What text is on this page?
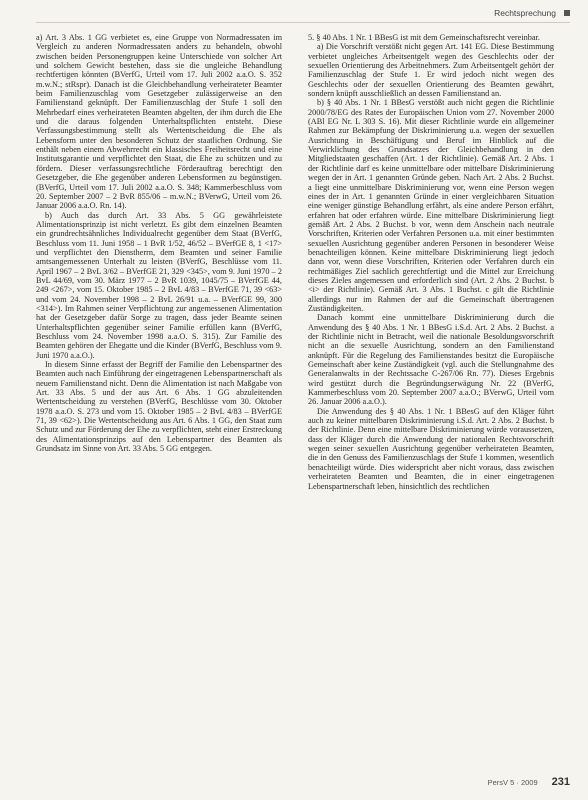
Rechtsprechung

a) Art. 3 Abs. 1 GG verbietet es, eine Gruppe von Normadressaten im Vergleich zu anderen Normadressaten anders zu behandeln, obwohl zwischen beiden Personengruppen keine Unterschiede von solcher Art und solchem Gewicht bestehen, dass sie die ungleiche Behandlung rechtfertigen könnten (BVerfG, Urteil vom 17. Juli 2002 a.a.O. S. 352 m.w.N.; stRspr). Danach ist die Gleichbehandlung verheirateter Beamter beim Familienzuschlag vom Gesetzgeber zulässigerweise an den Familienstand geknüpft. Der Familienzuschlag der Stufe 1 soll den Mehrbedarf eines verheirateten Beamten abgelten, der ihm durch die Ehe und die daraus folgenden Unterhaltspflichten entsteht. Diese Verfassungsbestimmung stellt als Wertentscheidung die Ehe als Lebensform unter den besonderen Schutz der staatlichen Ordnung. Sie enthält neben einem Abwehrrecht ein klassisches Freiheitsrecht und eine Institutsgarantie und verpflichtet den Staat, die Ehe zu schützen und zu fördern. Dieser verfassungsrechtliche Förderauftrag berechtigt den Gesetzgeber, die Ehe gegenüber anderen Lebensformen zu begünstigen. (BVerfG, Urteil vom 17. Juli 2002 a.a.O. S. 348; Kammerbeschluss vom 20. September 2007 – 2 BvR 855/06 – m.w.N.; BVerwG, Urteil vom 26. Januar 2006 a.a.O. Rn. 14).

b) Auch das durch Art. 33 Abs. 5 GG gewährleistete Alimentationsprinzip ist nicht verletzt. Es gibt dem einzelnen Beamten ein grundrechtsähnliches Individualrecht gegenüber dem Staat (BVerfG, Beschluss vom 11. Juni 1958 – 1 BvR 1/52, 46/52 – BVerfGE 8, 1 <17> und verpflichtet den Dienstherrn, dem Beamten und seiner Familie amtsangemessenen Unterhalt zu leisten (BVerfG, Beschlüsse vom 11. April 1967 – 2 BvL 3/62 – BVerfGE 21, 329 <345>, vom 9. Juni 1970 – 2 BvL 44/69, vom 30. März 1977 – 2 BvR 1039, 1045/75 – BVerfGE 44, 249 <267>, vom 15. Oktober 1985 – 2 BvL 4/83 – BVerfGE 71, 39 <63> und vom 24. November 1998 – 2 BvL 26/91 u.a. – BVerfGE 99, 300 <314>). Im Rahmen seiner Verpflichtung zur angemessenen Alimentation hat der Gesetzgeber dafür Sorge zu tragen, dass jeder Beamte seinen Unterhaltspflichten gegenüber seiner Familie erfüllen kann (BVerfG, Beschluss vom 24. November 1998 a.a.O. S. 315). Zur Familie des Beamten gehören der Ehegatte und die Kinder (BVerfG, Beschluss vom 9. Juni 1970 a.a.O.).

In diesem Sinne erfasst der Begriff der Familie den Lebenspartner des Beamten auch nach Einführung der eingetragenen Lebenspartnerschaft als neuem Familienstand nicht. Denn die Alimentation ist nach Maßgabe von Art. 33 Abs. 5 und der aus Art. 6 Abs. 1 GG abzuleitenden Wertentscheidung zu verstehen (BVerfG, Beschlüsse vom 30. Oktober 1978 a.a.O. S. 273 und vom 15. Oktober 1985 – 2 BvL 4/83 – BVerfGE 71, 39 <62>). Die Wertentscheidung aus Art. 6 Abs. 1 GG, den Staat zum Schutz und zur Förderung der Ehe zu verpflichten, steht einer Erstreckung des Alimentationsprinzips auf den Lebenspartner des Beamten als Grundsatz im Sinne von Art. 33 Abs. 5 GG entgegen.

5. § 40 Abs. 1 Nr. 1 BBesG ist mit dem Gemeinschaftsrecht vereinbar.

a) Die Vorschrift verstößt nicht gegen Art. 141 EG. Diese Bestimmung verbietet ungleiches Arbeitsentgelt wegen des Geschlechts oder der sexuellen Orientierung des Arbeitnehmers. Zum Arbeitsentgelt gehört der Familienzuschlag der Stufe 1. Er wird jedoch nicht wegen des Geschlechts oder der sexuellen Orientierung des Beamten gewährt, sondern knüpft ausschließlich an dessen Familienstand an.

b) § 40 Abs. 1 Nr. 1 BBesG verstößt auch nicht gegen die Richtlinie 2000/78/EG des Rates der Europäischen Union vom 27. November 2000 (ABl EG Nr. L 303 S. 16). Mit dieser Richtlinie wurde ein allgemeiner Rahmen zur Bekämpfung der Diskriminierung u.a. wegen der sexuellen Ausrichtung in Beschäftigung und Beruf im Hinblick auf die Verwirklichung des Grundsatzes der Gleichbehandlung in den Mitgliedstaaten geschaffen (Art. 1 der Richtlinie). Gemäß Art. 2 Abs. 1 der Richtlinie darf es keine unmittelbare oder mittelbare Diskriminierung wegen der in Art. 1 genannten Gründe geben. Nach Art. 2 Abs. 2 Buchst. a liegt eine unmittelbare Diskriminierung vor, wenn eine Person wegen eines der in Art. 1 genannten Gründe in einer vergleichbaren Situation eine weniger günstige Behandlung erfährt, als eine andere Person erfährt, erfahren hat oder erfahren würde. Eine mittelbare Diskriminierung liegt gemäß Art. 2 Abs. 2 Buchst. b vor, wenn dem Anschein nach neutrale Vorschriften, Kriterien oder Verfahren Personen u.a. mit einer bestimmten sexuellen Ausrichtung gegenüber anderen Personen in besonderer Weise benachteiligen können. Keine mittelbare Diskriminierung liegt jedoch dann vor, wenn diese Vorschriften, Kriterien oder Verfahren durch ein rechtmäßiges Ziel sachlich gerechtfertigt und die Mittel zur Erreichung dieses Zieles angemessen und erforderlich sind (Art. 2 Abs. 2 Buchst. b <i> der Richtlinie). Gemäß Art. 3 Abs. 1 Buchst. c gilt die Richtlinie allerdings nur im Rahmen der auf die Gemeinschaft übertragenen Zuständigkeiten.

Danach kommt eine unmittelbare Diskriminierung durch die Anwendung des § 40 Abs. 1 Nr. 1 BBesG i.S.d. Art. 2 Abs. 2 Buchst. a der Richtlinie nicht in Betracht, weil die nationale Besoldungsvorschrift nicht an die sexuelle Ausrichtung, sondern an den Familienstand anknüpft. Für die Regelung des Familienstandes besitzt die Europäische Gemeinschaft aber keine Zuständigkeit (vgl. auch die Stellungnahme des Generalanwalts in der Rechtssache C-267/06 Rn. 77). Dieses Ergebnis wird gestützt durch die Begründungserwägung Nr. 22 (BVerfG, Kammerbeschluss vom 20. September 2007 a.a.O.; BVerwG, Urteil vom 26. Januar 2006 a.a.O.).

Die Anwendung des § 40 Abs. 1 Nr. 1 BBesG auf den Kläger führt auch zu keiner mittelbaren Diskriminierung i.S.d. Art. 2 Abs. 2 Buchst. b der Richtlinie. Denn eine mittelbare Diskriminierung würde voraussetzen, dass der Kläger durch die Anwendung der nationalen Rechtsvorschrift wegen seiner sexuellen Ausrichtung gegenüber verheirateten Beamten, die in den Genuss des Familienzuschlags der Stufe 1 kommen, wesentlich benachteiligt würde. Dies widerspricht aber nicht voraus, dass zwischen verheirateten Beamten und Beamten, die in einer eingetragenen Lebenspartnerschaft leben, hinsichtlich des rechtlichen

PersV 5 · 2009 231
